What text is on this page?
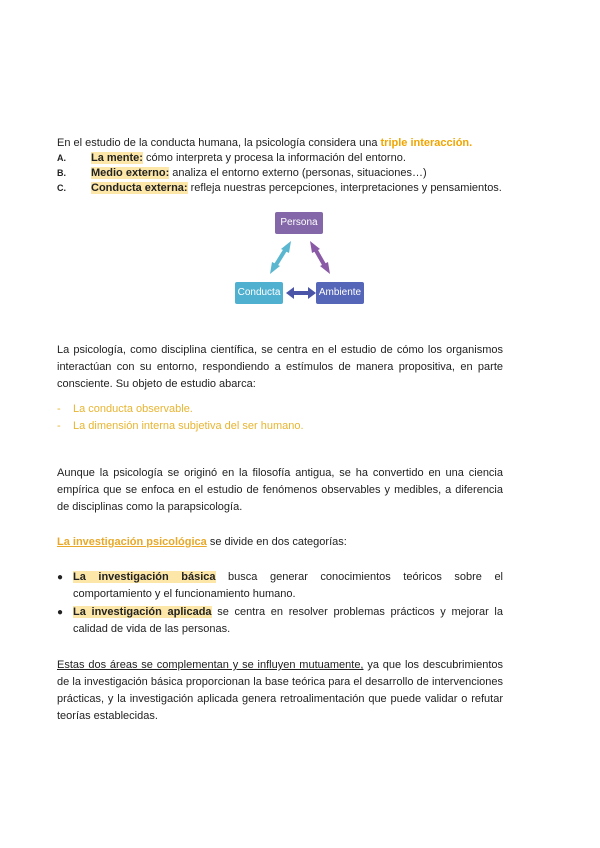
En el estudio de la conducta humana, la psicología considera una triple interacción.
A. La mente: cómo interpreta y procesa la información del entorno.
B. Medio externo: analiza el entorno externo (personas, situaciones…)
C. Conducta externa: refleja nuestras percepciones, interpretaciones y pensamientos.
Persona
Conducta	Ambiente
La psicología, como disciplina científica, se centra en el estudio de cómo los organismos
interactúan con su entorno, respondiendo a estímulos de manera propositiva, en parte
consciente. Su objeto de estudio abarca:
- La conducta observable.
- La dimensión interna subjetiva del ser humano.
Aunque la psicología se originó en la filosofía antigua, se ha convertido en una ciencia
empírica que se enfoca en el estudio de fenómenos observables y medibles, a diferencia
de disciplinas como la parapsicología.
La investigación psicológica se divide en dos categorías:
● La investigación básica busca generar conocimientos teóricos sobre el
comportamiento y el funcionamiento humano.
● La investigación aplicada se centra en resolver problemas prácticos y mejorar la
calidad de vida de las personas.
Estas dos áreas se complementan y se influyen mutuamente, ya que los descubrimientos
de la investigación básica proporcionan la base teórica para el desarrollo de intervenciones
prácticas, y la investigación aplicada genera retroalimentación que puede validar o refutar
teorías establecidas.
